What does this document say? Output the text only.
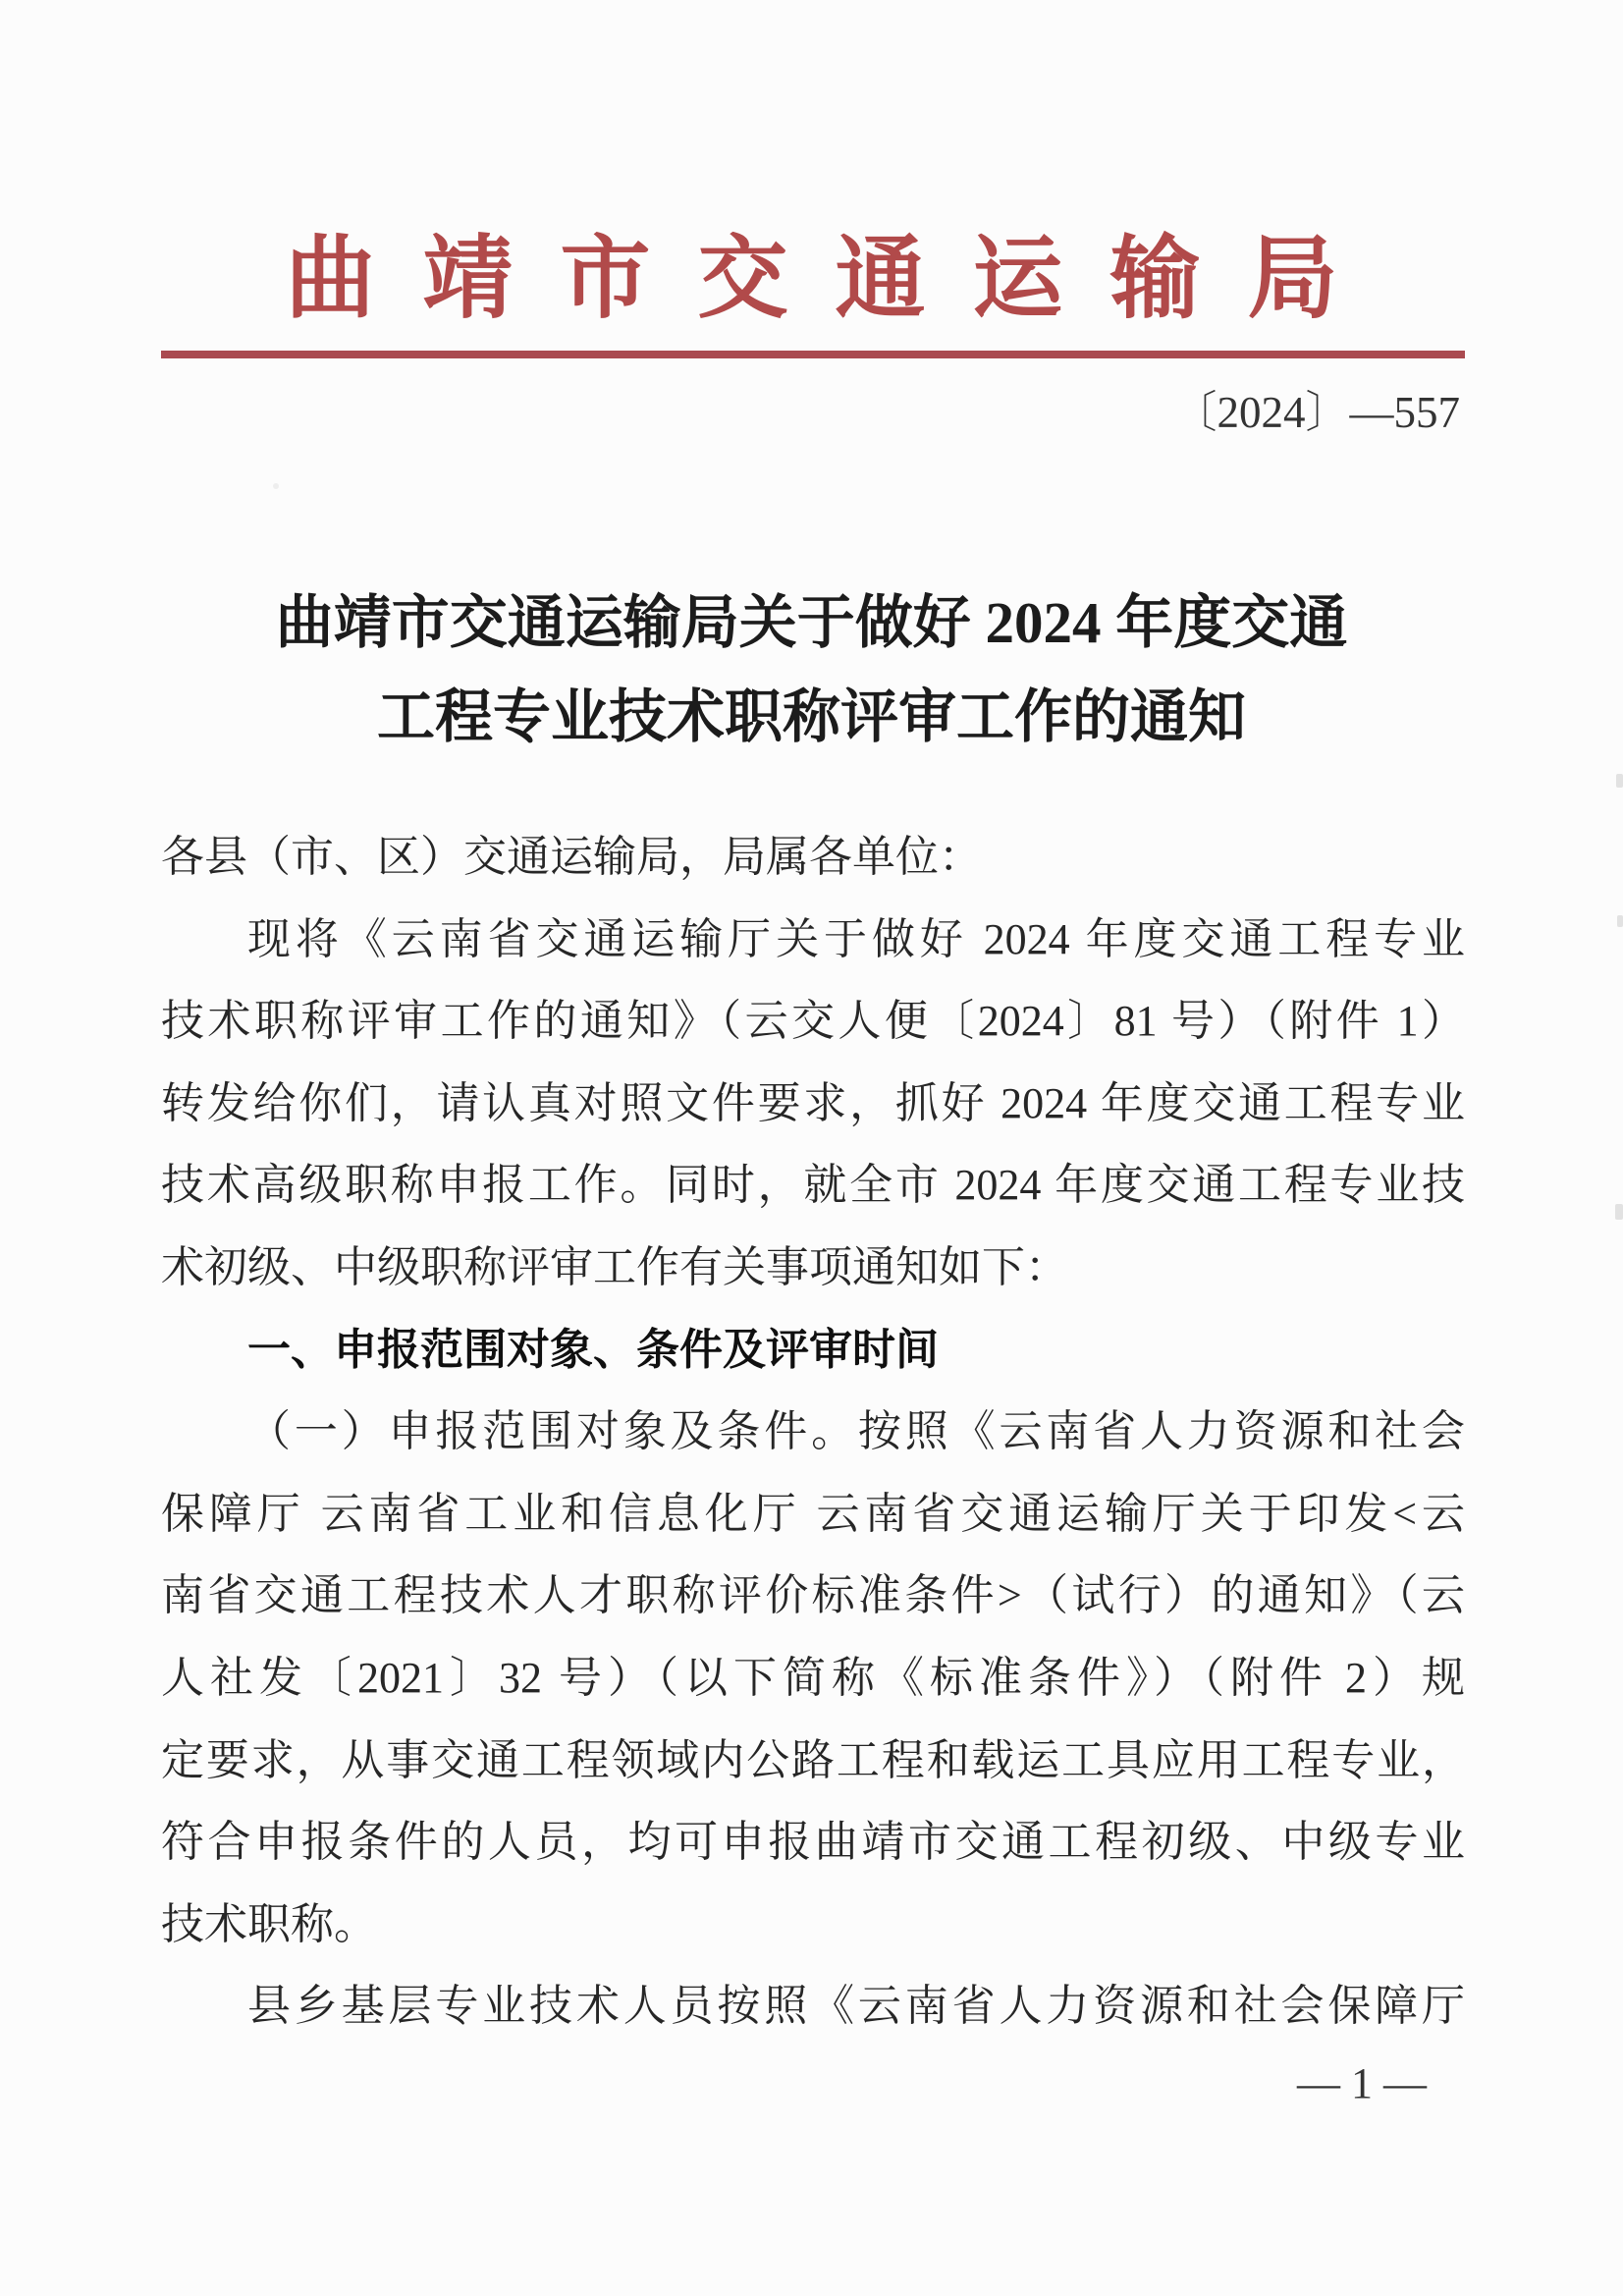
曲靖市交通运输局
〔2024〕—557
曲靖市交通运输局关于做好 2024 年度交通
工程专业技术职称评审工作的通知
各县（市、区）交通运输局，局属各单位：
现将《云南省交通运输厅关于做好 2024 年度交通工程专业
技术职称评审工作的通知》（云交人便〔2024〕81 号）（附件 1）
转发给你们，请认真对照文件要求，抓好 2024 年度交通工程专业
技术高级职称申报工作。同时，就全市 2024 年度交通工程专业技
术初级、中级职称评审工作有关事项通知如下：
一、申报范围对象、条件及评审时间
（一）申报范围对象及条件。按照《云南省人力资源和社会
保障厅 云南省工业和信息化厅 云南省交通运输厅关于印发<云
南省交通工程技术人才职称评价标准条件>（试行）的通知》（云
人社发〔2021〕32 号）（以下简称《标准条件》）（附件 2）规
定要求，从事交通工程领域内公路工程和载运工具应用工程专业，
符合申报条件的人员，均可申报曲靖市交通工程初级、中级专业
技术职称。
县乡基层专业技术人员按照《云南省人力资源和社会保障厅
— 1 —
